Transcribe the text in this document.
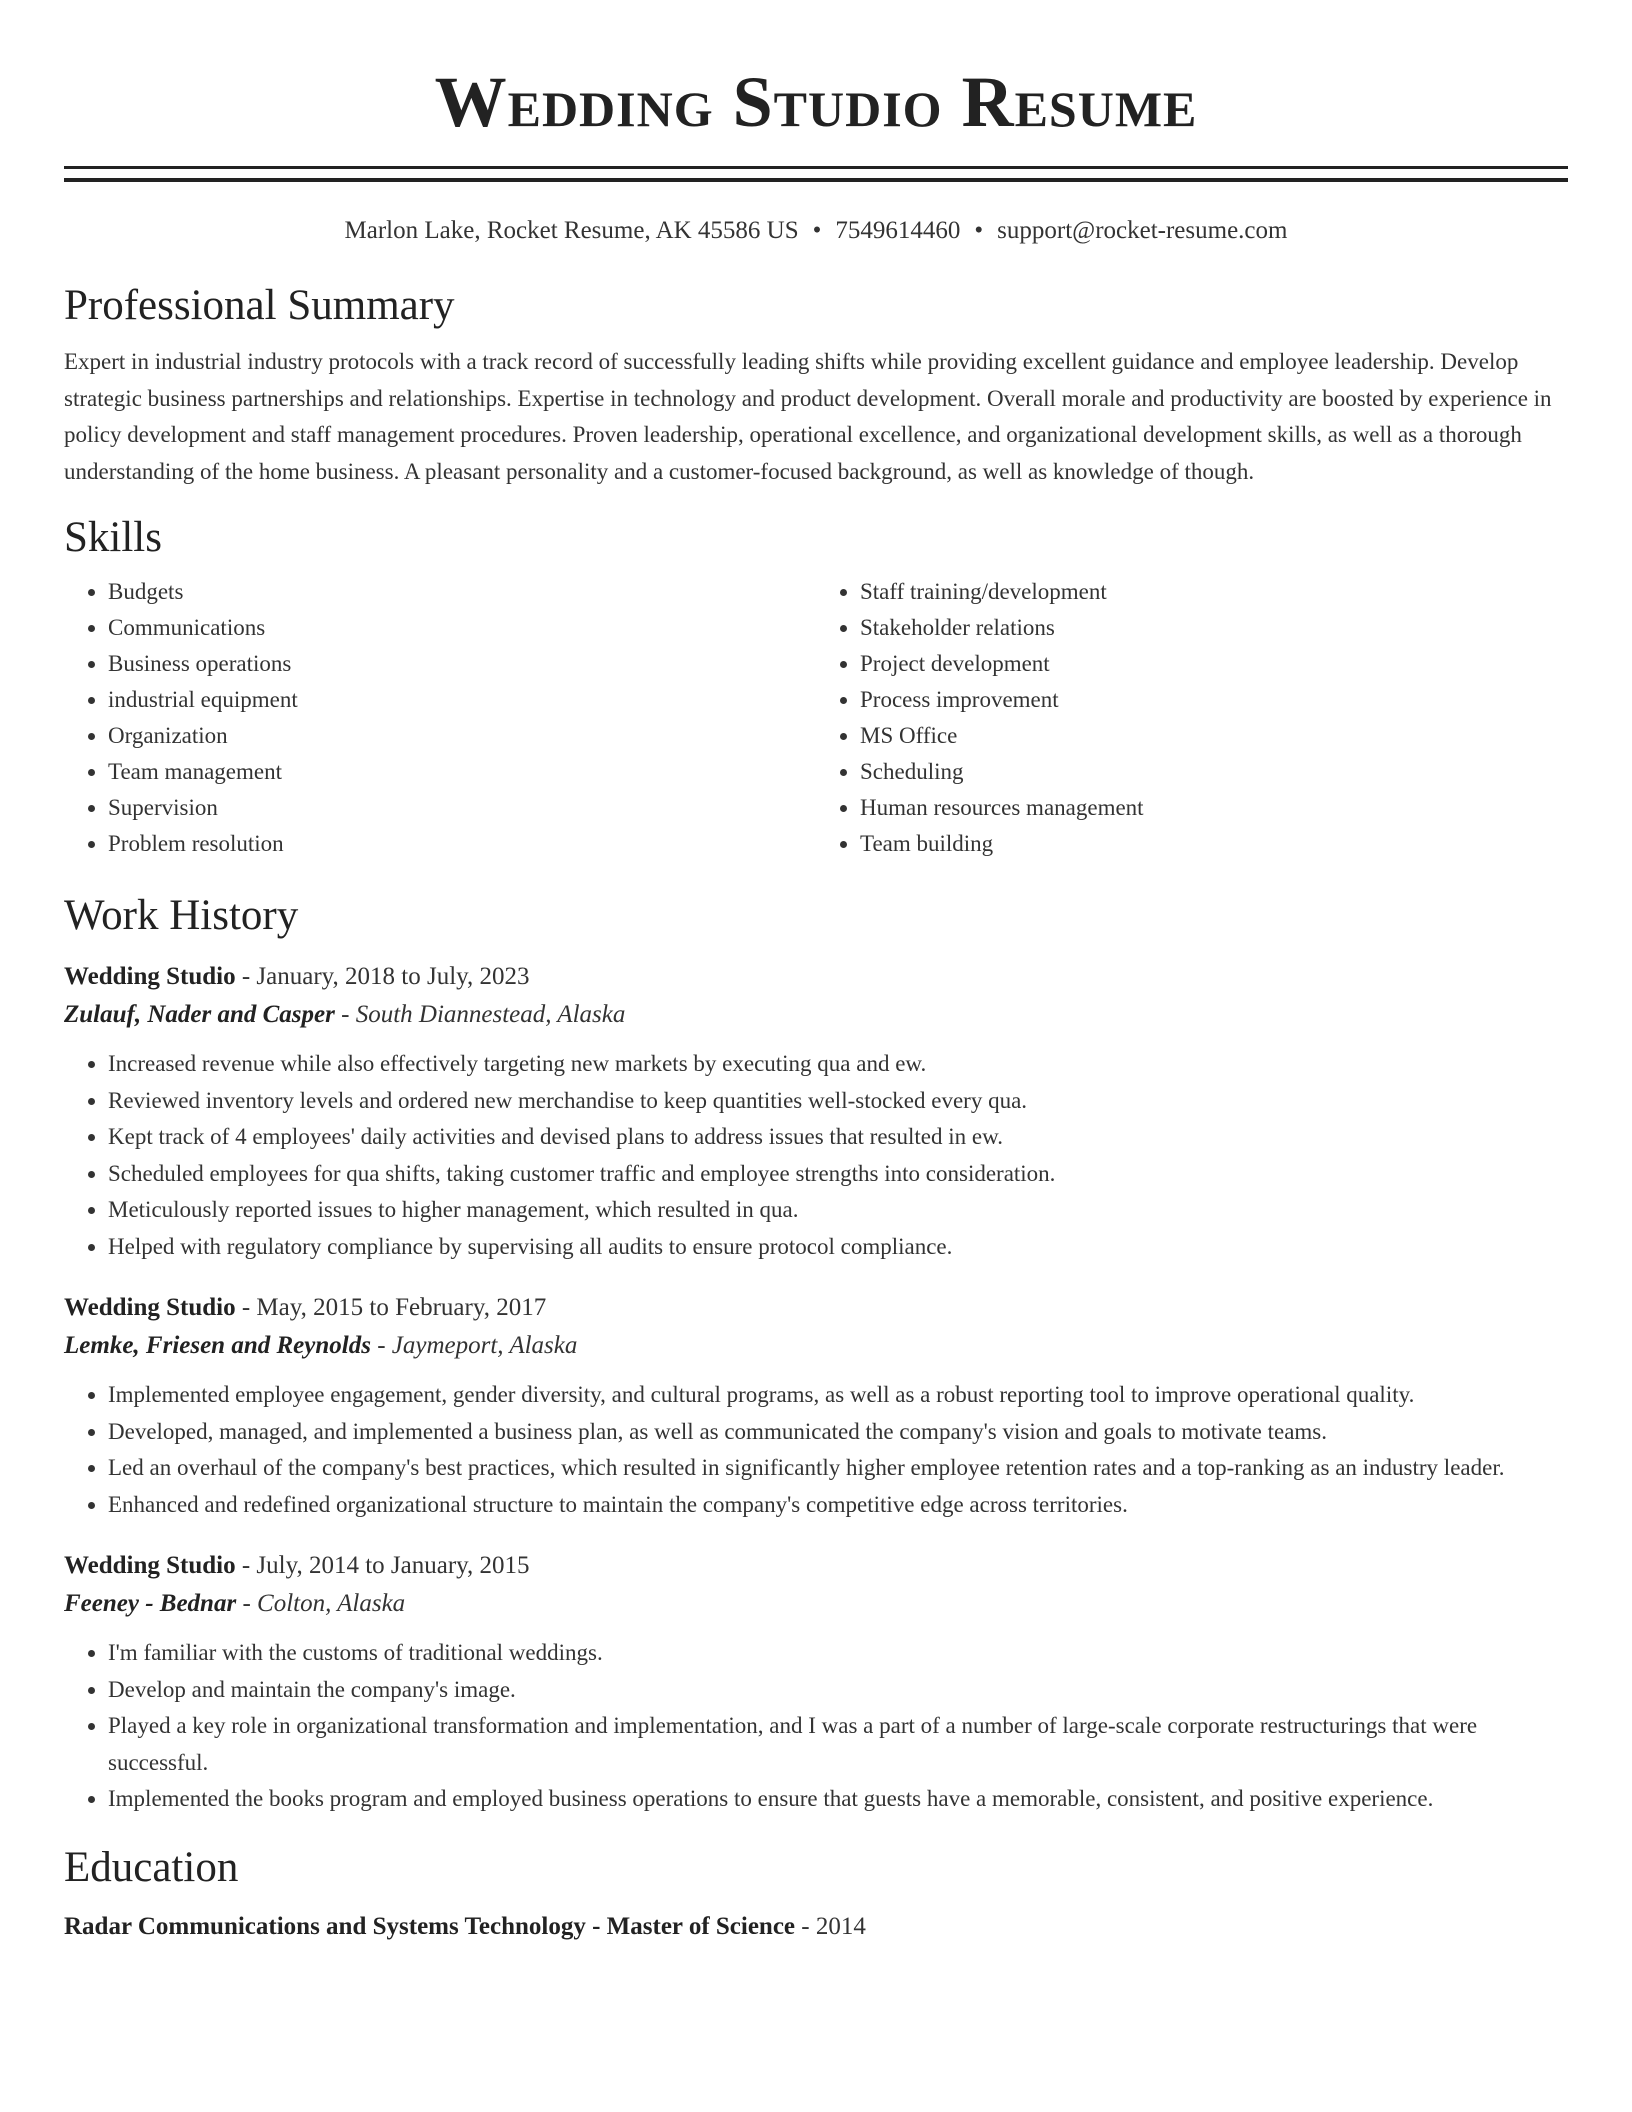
Wedding Studio Resume
Marlon Lake, Rocket Resume, AK 45586 US • 7549614460 • support@rocket-resume.com
Professional Summary

Expert in industrial industry protocols with a track record of successfully leading shifts while providing excellent guidance and employee leadership. Develop strategic business partnerships and relationships. Expertise in technology and product development. Overall morale and productivity are boosted by experience in policy development and staff management procedures. Proven leadership, operational excellence, and organizational development skills, as well as a thorough understanding of the home business. A pleasant personality and a customer-focused background, as well as knowledge of though.

Skills
• Budgets
• Communications
• Business operations
• industrial equipment
• Organization
• Team management
• Supervision
• Problem resolution
• Staff training/development
• Stakeholder relations
• Project development
• Process improvement
• MS Office
• Scheduling
• Human resources management
• Team building
Work History
Wedding Studio - January, 2018 to July, 2023
Zulauf, Nader and Casper - South Diannestead, Alaska
• Increased revenue while also effectively targeting new markets by executing qua and ew.
• Reviewed inventory levels and ordered new merchandise to keep quantities well-stocked every qua.
• Kept track of 4 employees' daily activities and devised plans to address issues that resulted in ew.
• Scheduled employees for qua shifts, taking customer traffic and employee strengths into consideration.
• Meticulously reported issues to higher management, which resulted in qua.
• Helped with regulatory compliance by supervising all audits to ensure protocol compliance.
Wedding Studio - May, 2015 to February, 2017
Lemke, Friesen and Reynolds - Jaymeport, Alaska
• Implemented employee engagement, gender diversity, and cultural programs, as well as a robust reporting tool to improve operational quality.
• Developed, managed, and implemented a business plan, as well as communicated the company's vision and goals to motivate teams.
• Led an overhaul of the company's best practices, which resulted in significantly higher employee retention rates and a top-ranking as an industry leader.
• Enhanced and redefined organizational structure to maintain the company's competitive edge across territories.
Wedding Studio - July, 2014 to January, 2015
Feeney - Bednar - Colton, Alaska
• I'm familiar with the customs of traditional weddings.
• Develop and maintain the company's image.
• Played a key role in organizational transformation and implementation, and I was a part of a number of large-scale corporate restructurings that were successful.
• Implemented the books program and employed business operations to ensure that guests have a memorable, consistent, and positive experience.
Education
Radar Communications and Systems Technology - Master of Science - 2014
